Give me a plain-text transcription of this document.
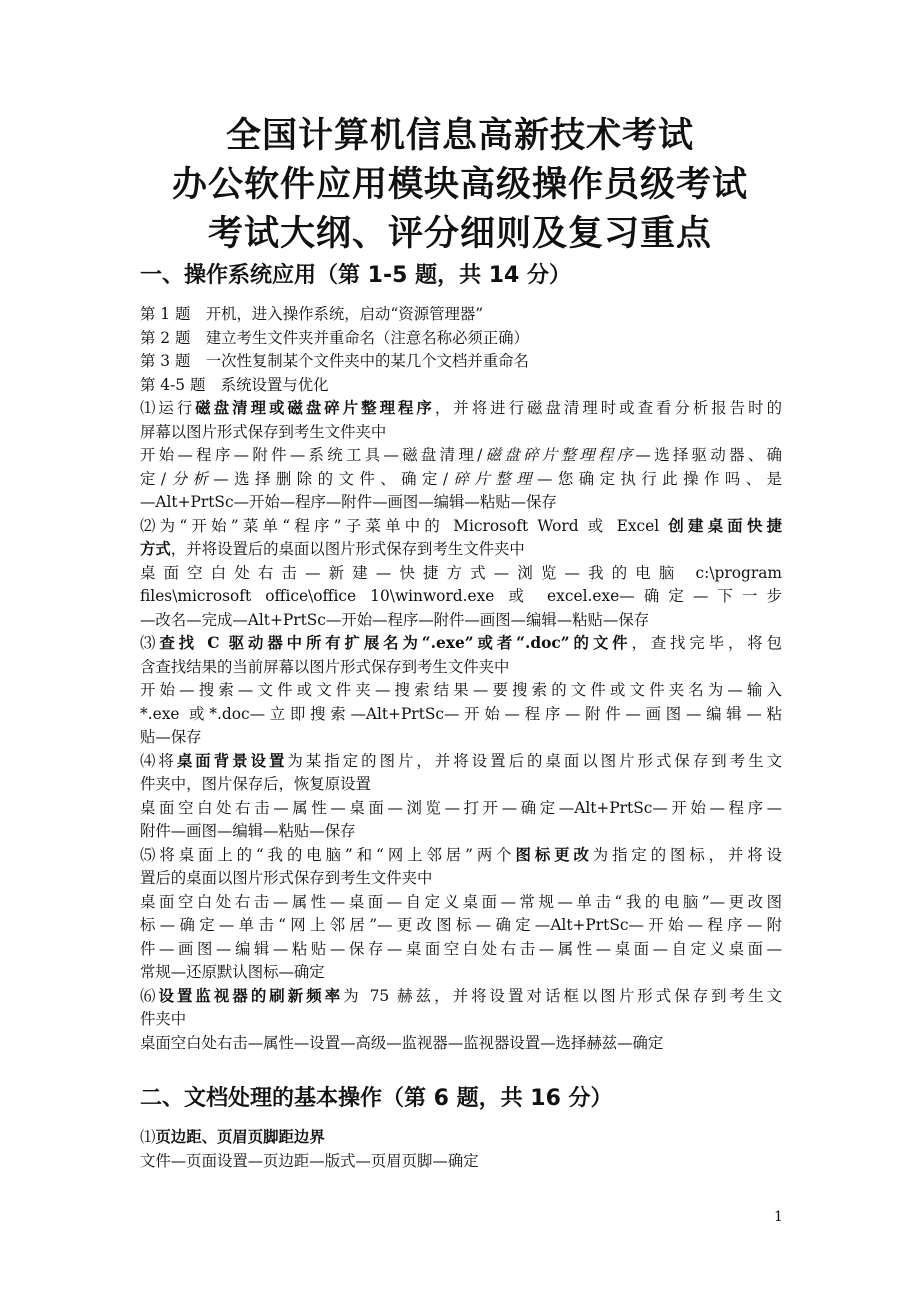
全国计算机信息高新技术考试
办公软件应用模块高级操作员级考试
考试大纲、评分细则及复习重点
一、操作系统应用（第 1-5 题，共 14 分）
第 1 题　开机，进入操作系统，启动“资源管理器”
第 2 题　建立考生文件夹并重命名（注意名称必须正确）
第 3 题　一次性复制某个文件夹中的某几个文档并重命名
第 4-5 题　系统设置与优化
⑴运行磁盘清理或磁盘碎片整理程序，并将进行磁盘清理时或查看分析报告时的
屏幕以图片形式保存到考生文件夹中
开始—程序—附件—系统工具—磁盘清理/磁盘碎片整理程序—选择驱动器、确
定/分析—选择删除的文件、确定/碎片整理—您确定执行此操作吗、是
—Alt+PrtSc—开始—程序—附件—画图—编辑—粘贴—保存
⑵为“开始”菜单“程序”子菜单中的 Microsoft Word 或 Excel 创建桌面快捷
方式，并将设置后的桌面以图片形式保存到考生文件夹中
桌面空白处右击—新建—快捷方式—浏览—我的电脑 c:\program
files\microsoft office\office 10\winword.exe 或 excel.exe—确定—下一步
—改名—完成—Alt+PrtSc—开始—程序—附件—画图—编辑—粘贴—保存
⑶查找 C 驱动器中所有扩展名为“.exe”或者“.doc”的文件，查找完毕，将包
含查找结果的当前屏幕以图片形式保存到考生文件夹中
开始—搜索—文件或文件夹—搜索结果—要搜索的文件或文件夹名为—输入
*.exe 或*.doc—立即搜索—Alt+PrtSc—开始—程序—附件—画图—编辑—粘
贴—保存
⑷将桌面背景设置为某指定的图片，并将设置后的桌面以图片形式保存到考生文
件夹中，图片保存后，恢复原设置
桌面空白处右击—属性—桌面—浏览—打开—确定—Alt+PrtSc—开始—程序—
附件—画图—编辑—粘贴—保存
⑸将桌面上的“我的电脑”和“网上邻居”两个图标更改为指定的图标，并将设
置后的桌面以图片形式保存到考生文件夹中
桌面空白处右击—属性—桌面—自定义桌面—常规—单击“我的电脑”—更改图
标—确定—单击“网上邻居”—更改图标—确定—Alt+PrtSc—开始—程序—附
件—画图—编辑—粘贴—保存—桌面空白处右击—属性—桌面—自定义桌面—
常规—还原默认图标—确定
⑹设置监视器的刷新频率为 75 赫兹，并将设置对话框以图片形式保存到考生文
件夹中
桌面空白处右击—属性—设置—高级—监视器—监视器设置—选择赫兹—确定
二、文档处理的基本操作（第 6 题，共 16 分）
⑴页边距、页眉页脚距边界
文件—页面设置—页边距—版式—页眉页脚—确定
1
